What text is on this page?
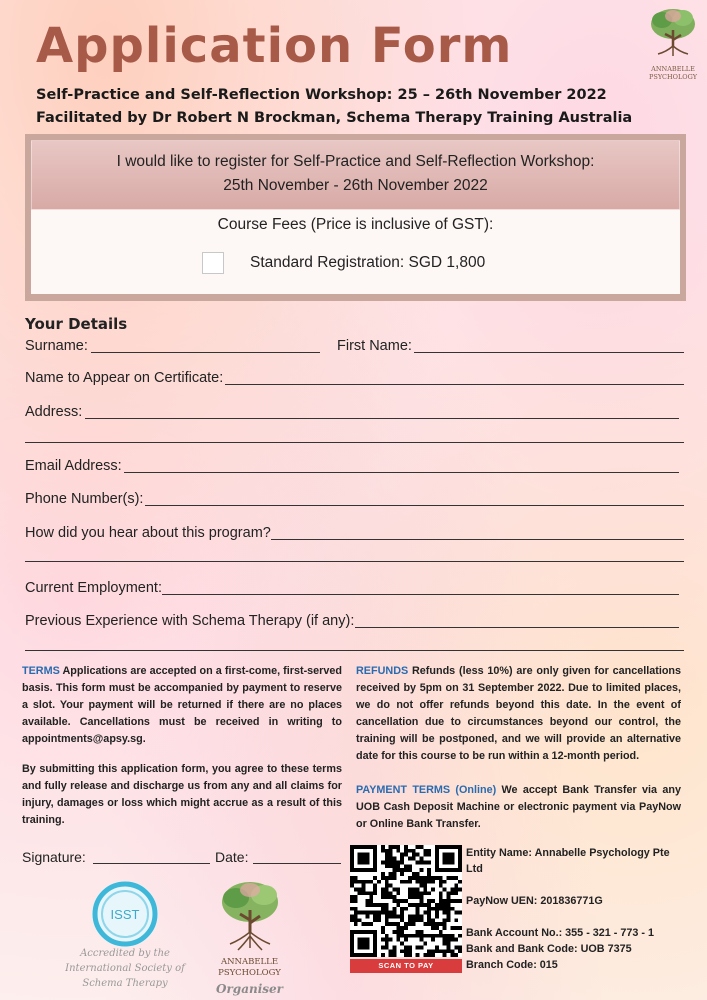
Application Form
Self-Practice and Self-Reflection Workshop: 25 – 26th November 2022
Facilitated by Dr Robert N Brockman, Schema Therapy Training Australia
ANNABELLE
PSYCHOLOGY
I would like to register for Self-Practice and Self-Reflection Workshop:
25th November - 26th November 2022
Course Fees (Price is inclusive of GST):
Standard Registration: SGD 1,800
Your Details
Surname:	First Name:
Name to Appear on Certificate:
Address:
Email Address:
Phone Number(s):
How did you hear about this program?
Current Employment:
Previous Experience with Schema Therapy (if any):
TERMS Applications are accepted on a first-come, first-served basis. This form must be accompanied by payment to reserve a slot. Your payment will be returned if there are no places available. Cancellations must be received in writing to appointments@apsy.sg.
By submitting this application form, you agree to these terms and fully release and discharge us from any and all claims for injury, damages or loss which might accrue as a result of this training.
REFUNDS Refunds (less 10%) are only given for cancellations received by 5pm on 31 September 2022. Due to limited places, we do not offer refunds beyond this date. In the event of cancellation due to circumstances beyond our control, the training will be postponed, and we will provide an alternative date for this course to be run within a 12-month period.
PAYMENT TERMS (Online) We accept Bank Transfer via any UOB Cash Deposit Machine or electronic payment via PayNow or Online Bank Transfer.
Signature:	Date:
ISST
Accredited by the
International Society of
Schema Therapy
ANNABELLE
PSYCHOLOGY
Organiser
SCAN TO PAY
Entity Name: Annabelle Psychology Pte Ltd
PayNow UEN: 201836771G
Bank Account No.: 355 - 321 - 773 - 1
Bank and Bank Code: UOB 7375
Branch Code: 015
